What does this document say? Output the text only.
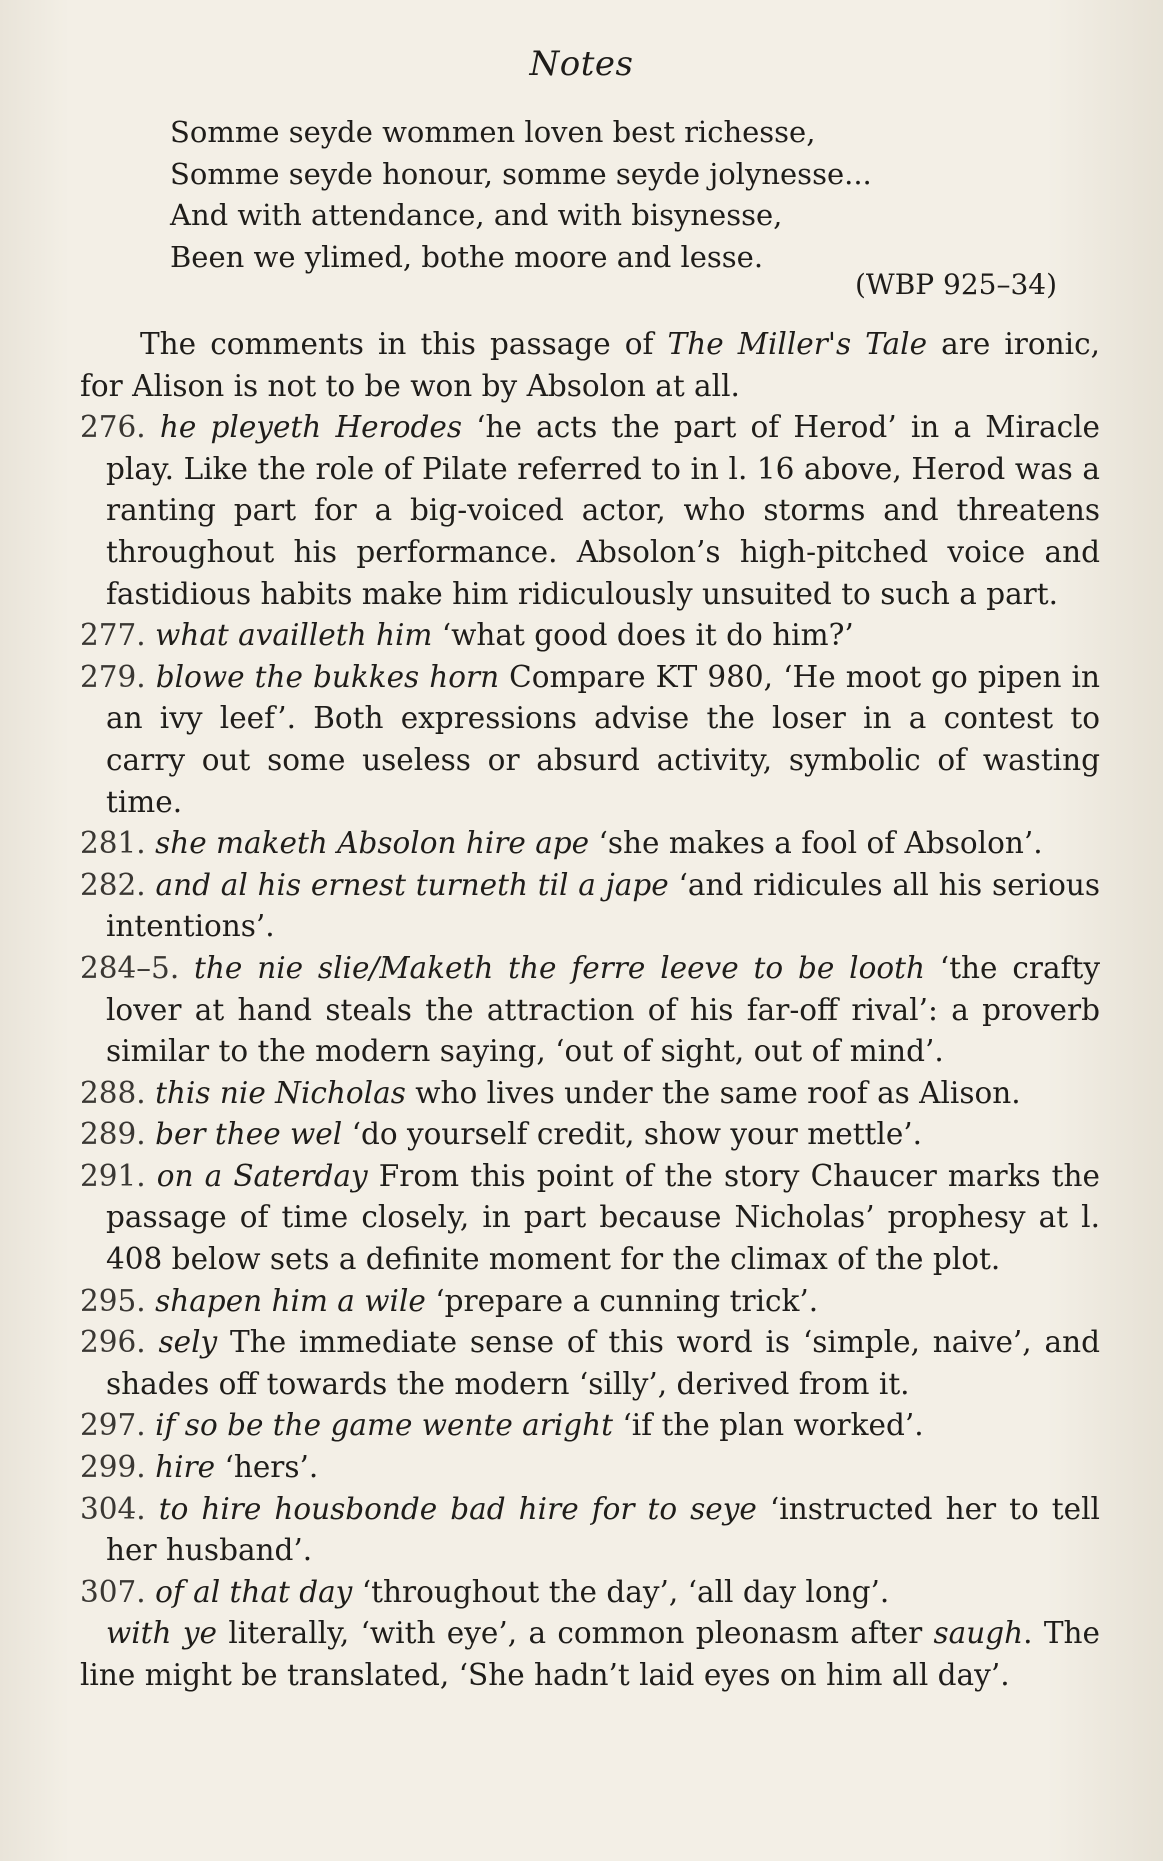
Notes
Somme seyde wommen loven best richesse,
Somme seyde honour, somme seyde jolynesse...
And with attendance, and with bisynesse,
Been we ylimed, bothe moore and lesse.
(WBP 925–34)

The comments in this passage of The Miller's Tale are ironic, for Alison is not to be won by Absolon at all.

276. he pleyeth Herodes ‘he acts the part of Herod’ in a Miracle play. Like the role of Pilate referred to in l. 16 above, Herod was a ranting part for a big-voiced actor, who storms and threatens throughout his performance. Absolon’s high-pitched voice and fastidious habits make him ridiculously unsuited to such a part.

277. what availleth him ‘what good does it do him?’

279. blowe the bukkes horn Compare KT 980, ‘He moot go pipen in an ivy leef’. Both expressions advise the loser in a contest to carry out some useless or absurd activity, symbolic of wasting time.

281. she maketh Absolon hire ape ‘she makes a fool of Absolon’.

282. and al his ernest turneth til a jape ‘and ridicules all his serious intentions’.

284–5. the nie slie/Maketh the ferre leeve to be looth ‘the crafty lover at hand steals the attraction of his far-off rival’: a proverb similar to the modern saying, ‘out of sight, out of mind’.

288. this nie Nicholas who lives under the same roof as Alison.

289. ber thee wel ‘do yourself credit, show your mettle’.

291. on a Saterday From this point of the story Chaucer marks the passage of time closely, in part because Nicholas’ prophesy at l. 408 below sets a definite moment for the climax of the plot.

295. shapen him a wile ‘prepare a cunning trick’.

296. sely The immediate sense of this word is ‘simple, naive’, and shades off towards the modern ‘silly’, derived from it.

297. if so be the game wente aright ‘if the plan worked’.

299. hire ‘hers’.

304. to hire housbonde bad hire for to seye ‘instructed her to tell her husband’.

307. of al that day ‘throughout the day’, ‘all day long’.

with ye literally, ‘with eye’, a common pleonasm after saugh. The line might be translated, ‘She hadn’t laid eyes on him all day’.
